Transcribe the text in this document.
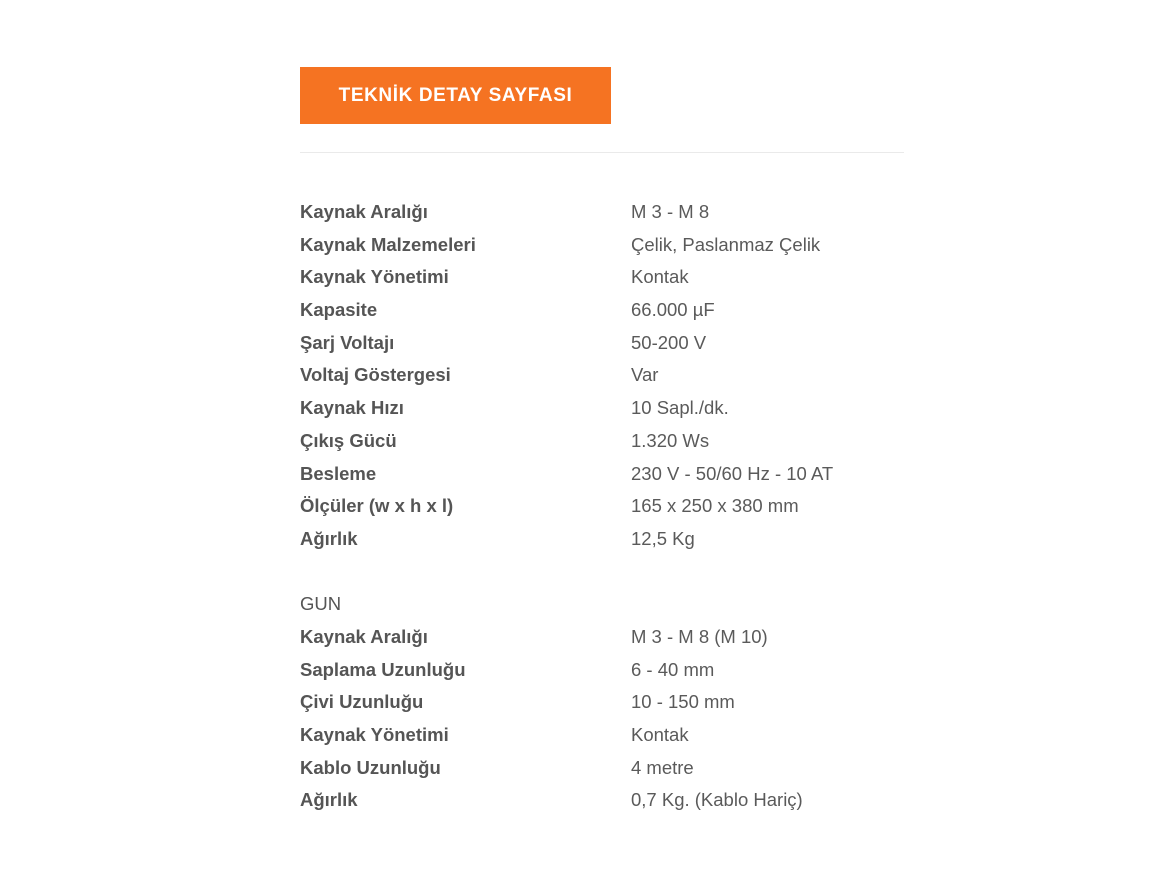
TEKNİK DETAY SAYFASI
Kaynak Aralığı	M 3 - M 8
Kaynak Malzemeleri	Çelik, Paslanmaz Çelik
Kaynak Yönetimi	Kontak
Kapasite	66.000 µF
Şarj Voltajı	50-200 V
Voltaj Göstergesi	Var
Kaynak Hızı	10 Sapl./dk.
Çıkış Gücü	1.320 Ws
Besleme	230 V - 50/60 Hz - 10 AT
Ölçüler (w x h x l)	165 x 250 x 380 mm
Ağırlık	12,5 Kg
GUN
Kaynak Aralığı	M 3 - M 8 (M 10)
Saplama Uzunluğu	6 - 40 mm
Çivi Uzunluğu	10 - 150 mm
Kaynak Yönetimi	Kontak
Kablo Uzunluğu	4 metre
Ağırlık	0,7 Kg. (Kablo Hariç)
